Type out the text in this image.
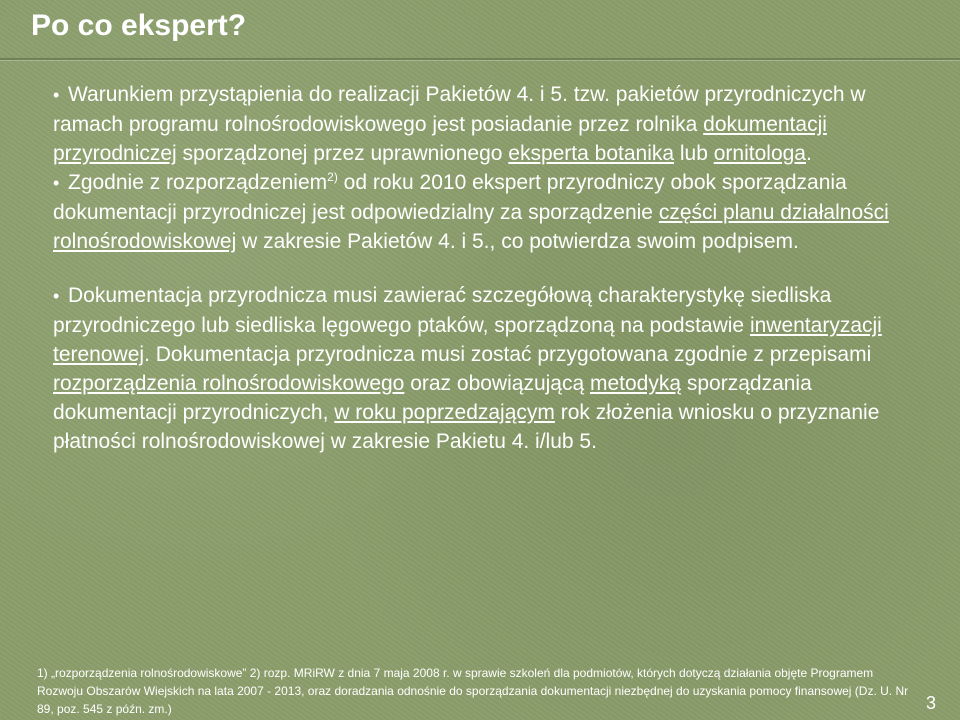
Po co ekspert?

• Warunkiem przystąpienia do realizacji Pakietów 4. i 5. tzw. pakietów przyrodniczych w ramach programu rolnośrodowiskowego jest posiadanie przez rolnika dokumentacji przyrodniczej sporządzonej przez uprawnionego eksperta botanika lub ornitologa.

• Zgodnie z rozporządzeniem$^{2)}$ od roku 2010 ekspert przyrodniczy obok sporządzania dokumentacji przyrodniczej jest odpowiedzialny za sporządzenie części planu działalności rolnośrodowiskowej w zakresie Pakietów 4. i 5., co potwierdza swoim podpisem.

• Dokumentacja przyrodnicza musi zawierać szczegółową charakterystykę siedliska przyrodniczego lub siedliska lęgowego ptaków, sporządzoną na podstawie inwentaryzacji terenowej. Dokumentacja przyrodnicza musi zostać przygotowana zgodnie z przepisami rozporządzenia rolnośrodowiskowego oraz obowiązującą metodyką sporządzania dokumentacji przyrodniczych, w roku poprzedzającym rok złożenia wniosku o przyznanie płatności rolnośrodowiskowej w zakresie Pakietu 4. i/lub 5.

1) „rozporządzenia rolnośrodowiskowe” 2) rozp. MRiRW z dnia 7 maja 2008 r. w sprawie szkoleń dla podmiotów, których dotyczą działania objęte Programem Rozwoju Obszarów Wiejskich na lata 2007 - 2013, oraz doradzania odnośnie do sporządzania dokumentacji niezbędnej do uzyskania pomocy finansowej (Dz. U. Nr 89, poz. 545 z późn. zm.)	3
